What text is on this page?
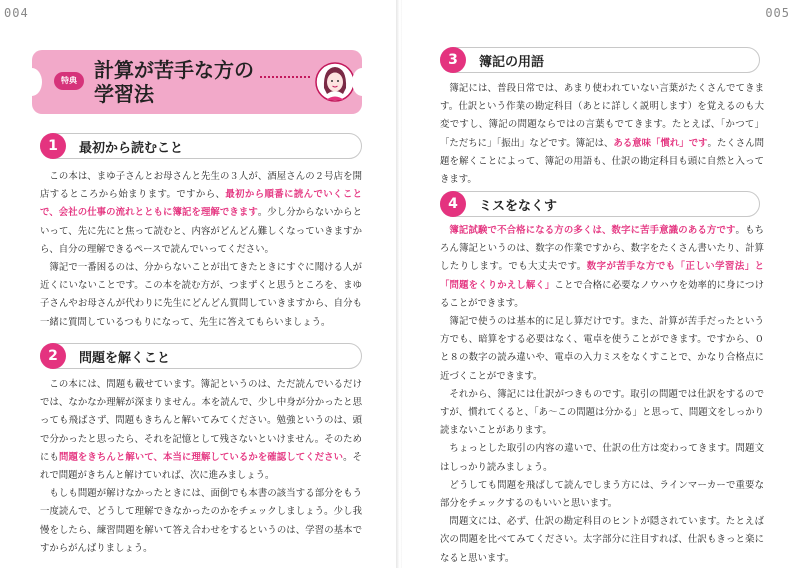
004
特典 計算が苦手な方の
学習法
1	最初から読むこと

この本は、まゆ子さんとお母さんと先生の３人が、酒屋さんの２号店を開店するところから始まります。ですから、最初から順番に読んでいくことで、会社の仕事の流れとともに簿記を理解できます。少し分からないからといって、先に先にと焦って読むと、内容がどんどん難しくなっていきますから、自分の理解できるペースで読んでいってください。

簿記で一番困るのは、分からないことが出てきたときにすぐに聞ける人が近くにいないことです。この本を読む方が、つまずくと思うところを、まゆ子さんやお母さんが代わりに先生にどんどん質問していきますから、自分も一緒に質問しているつもりになって、先生に答えてもらいましょう。

2	問題を解くこと

この本には、問題も載せています。簿記というのは、ただ読んでいるだけでは、なかなか理解が深まりません。本を読んで、少し中身が分かったと思っても飛ばさず、問題もきちんと解いてみてください。勉強というのは、頭で分かったと思ったら、それを記憶として残さないといけません。そのためにも問題をきちんと解いて、本当に理解しているかを確認してください。それで問題がきちんと解けていれば、次に進みましょう。

もしも問題が解けなかったときには、面倒でも本書の該当する部分をもう一度読んで、どうして理解できなかったのかをチェックしましょう。少し我慢をしたら、練習問題を解いて答え合わせをするというのは、学習の基本ですからがんばりましょう。

005
3	簿記の用語

簿記には、普段日常では、あまり使われていない言葉がたくさんでてきます。仕訳という作業の勘定科目（あとに詳しく説明します）を覚えるのも大変ですし、簿記の問題ならではの言葉もでてきます。たとえば、「かつて」「ただちに」「振出」などです。簿記は、ある意味「慣れ」です。たくさん問題を解くことによって、簿記の用語も、仕訳の勘定科目も頭に自然と入ってきます。

4	ミスをなくす

簿記試験で不合格になる方の多くは、数字に苦手意識のある方です。もちろん簿記というのは、数字の作業ですから、数字をたくさん書いたり、計算したりします。でも大丈夫です。数字が苦手な方でも「正しい学習法」と「問題をくりかえし解く」ことで合格に必要なノウハウを効率的に身につけることができます。

簿記で使うのは基本的に足し算だけです。また、計算が苦手だったという方でも、暗算をする必要はなく、電卓を使うことができます。ですから、０と８の数字の読み違いや、電卓の入力ミスをなくすことで、かなり合格点に近づくことができます。

それから、簿記には仕訳がつきものです。取引の問題では仕訳をするのですが、慣れてくると、「あ〜この問題は分かる」と思って、問題文をしっかり読まないことがあります。

ちょっとした取引の内容の違いで、仕訳の仕方は変わってきます。問題文はしっかり読みましょう。

どうしても問題を飛ばして読んでしまう方には、ラインマーカーで重要な部分をチェックするのもいいと思います。

問題文には、必ず、仕訳の勘定科目のヒントが隠されています。たとえば次の問題を比べてみてください。太字部分に注目すれば、仕訳もきっと楽になると思います。
